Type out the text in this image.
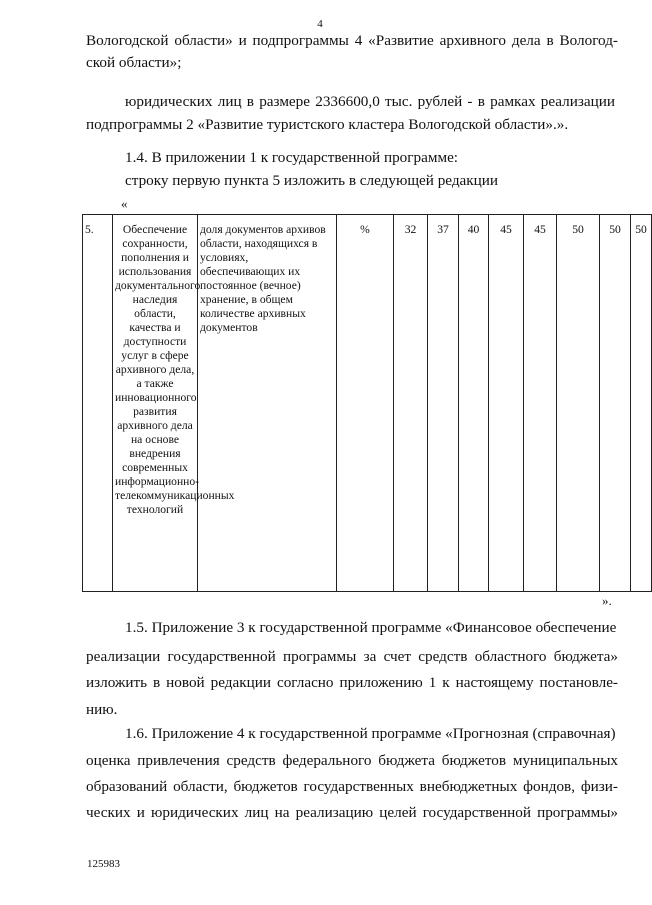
4
Вологодской области» и подпрограммы 4 «Развитие архивного дела в Вологод-
ской области»;
юридических лиц в размере 2336600,0 тыс. рублей - в рамках реализации
подпрограммы 2 «Развитие туристского кластера Вологодской области».».
1.4. В приложении 1 к государственной программе:
строку первую пункта 5 изложить в следующей редакции
«
5.	Обеспечение сохранности, пополнения и использования документального наследия области, качества и доступности услуг в сфере архивного дела, а также инновационного развития архивного дела на основе внедрения современных информационно-телекоммуникационных технологий	доля документов архивов области, находящихся в условиях, обеспечивающих их постоянное (вечное) хранение, в общем количестве архивных документов	%	32	37	40	45	45	50	50	50
».
1.5. Приложение 3 к государственной программе «Финансовое обеспечение
реализации государственной программы за счет средств областного бюджета»
изложить в новой редакции согласно приложению 1 к настоящему постановле-
нию.
1.6. Приложение 4 к государственной программе «Прогнозная (справочная)
оценка привлечения средств федерального бюджета бюджетов муниципальных
образований области, бюджетов государственных внебюджетных фондов, физи-
ческих и юридических лиц на реализацию целей государственной программы»
125983
